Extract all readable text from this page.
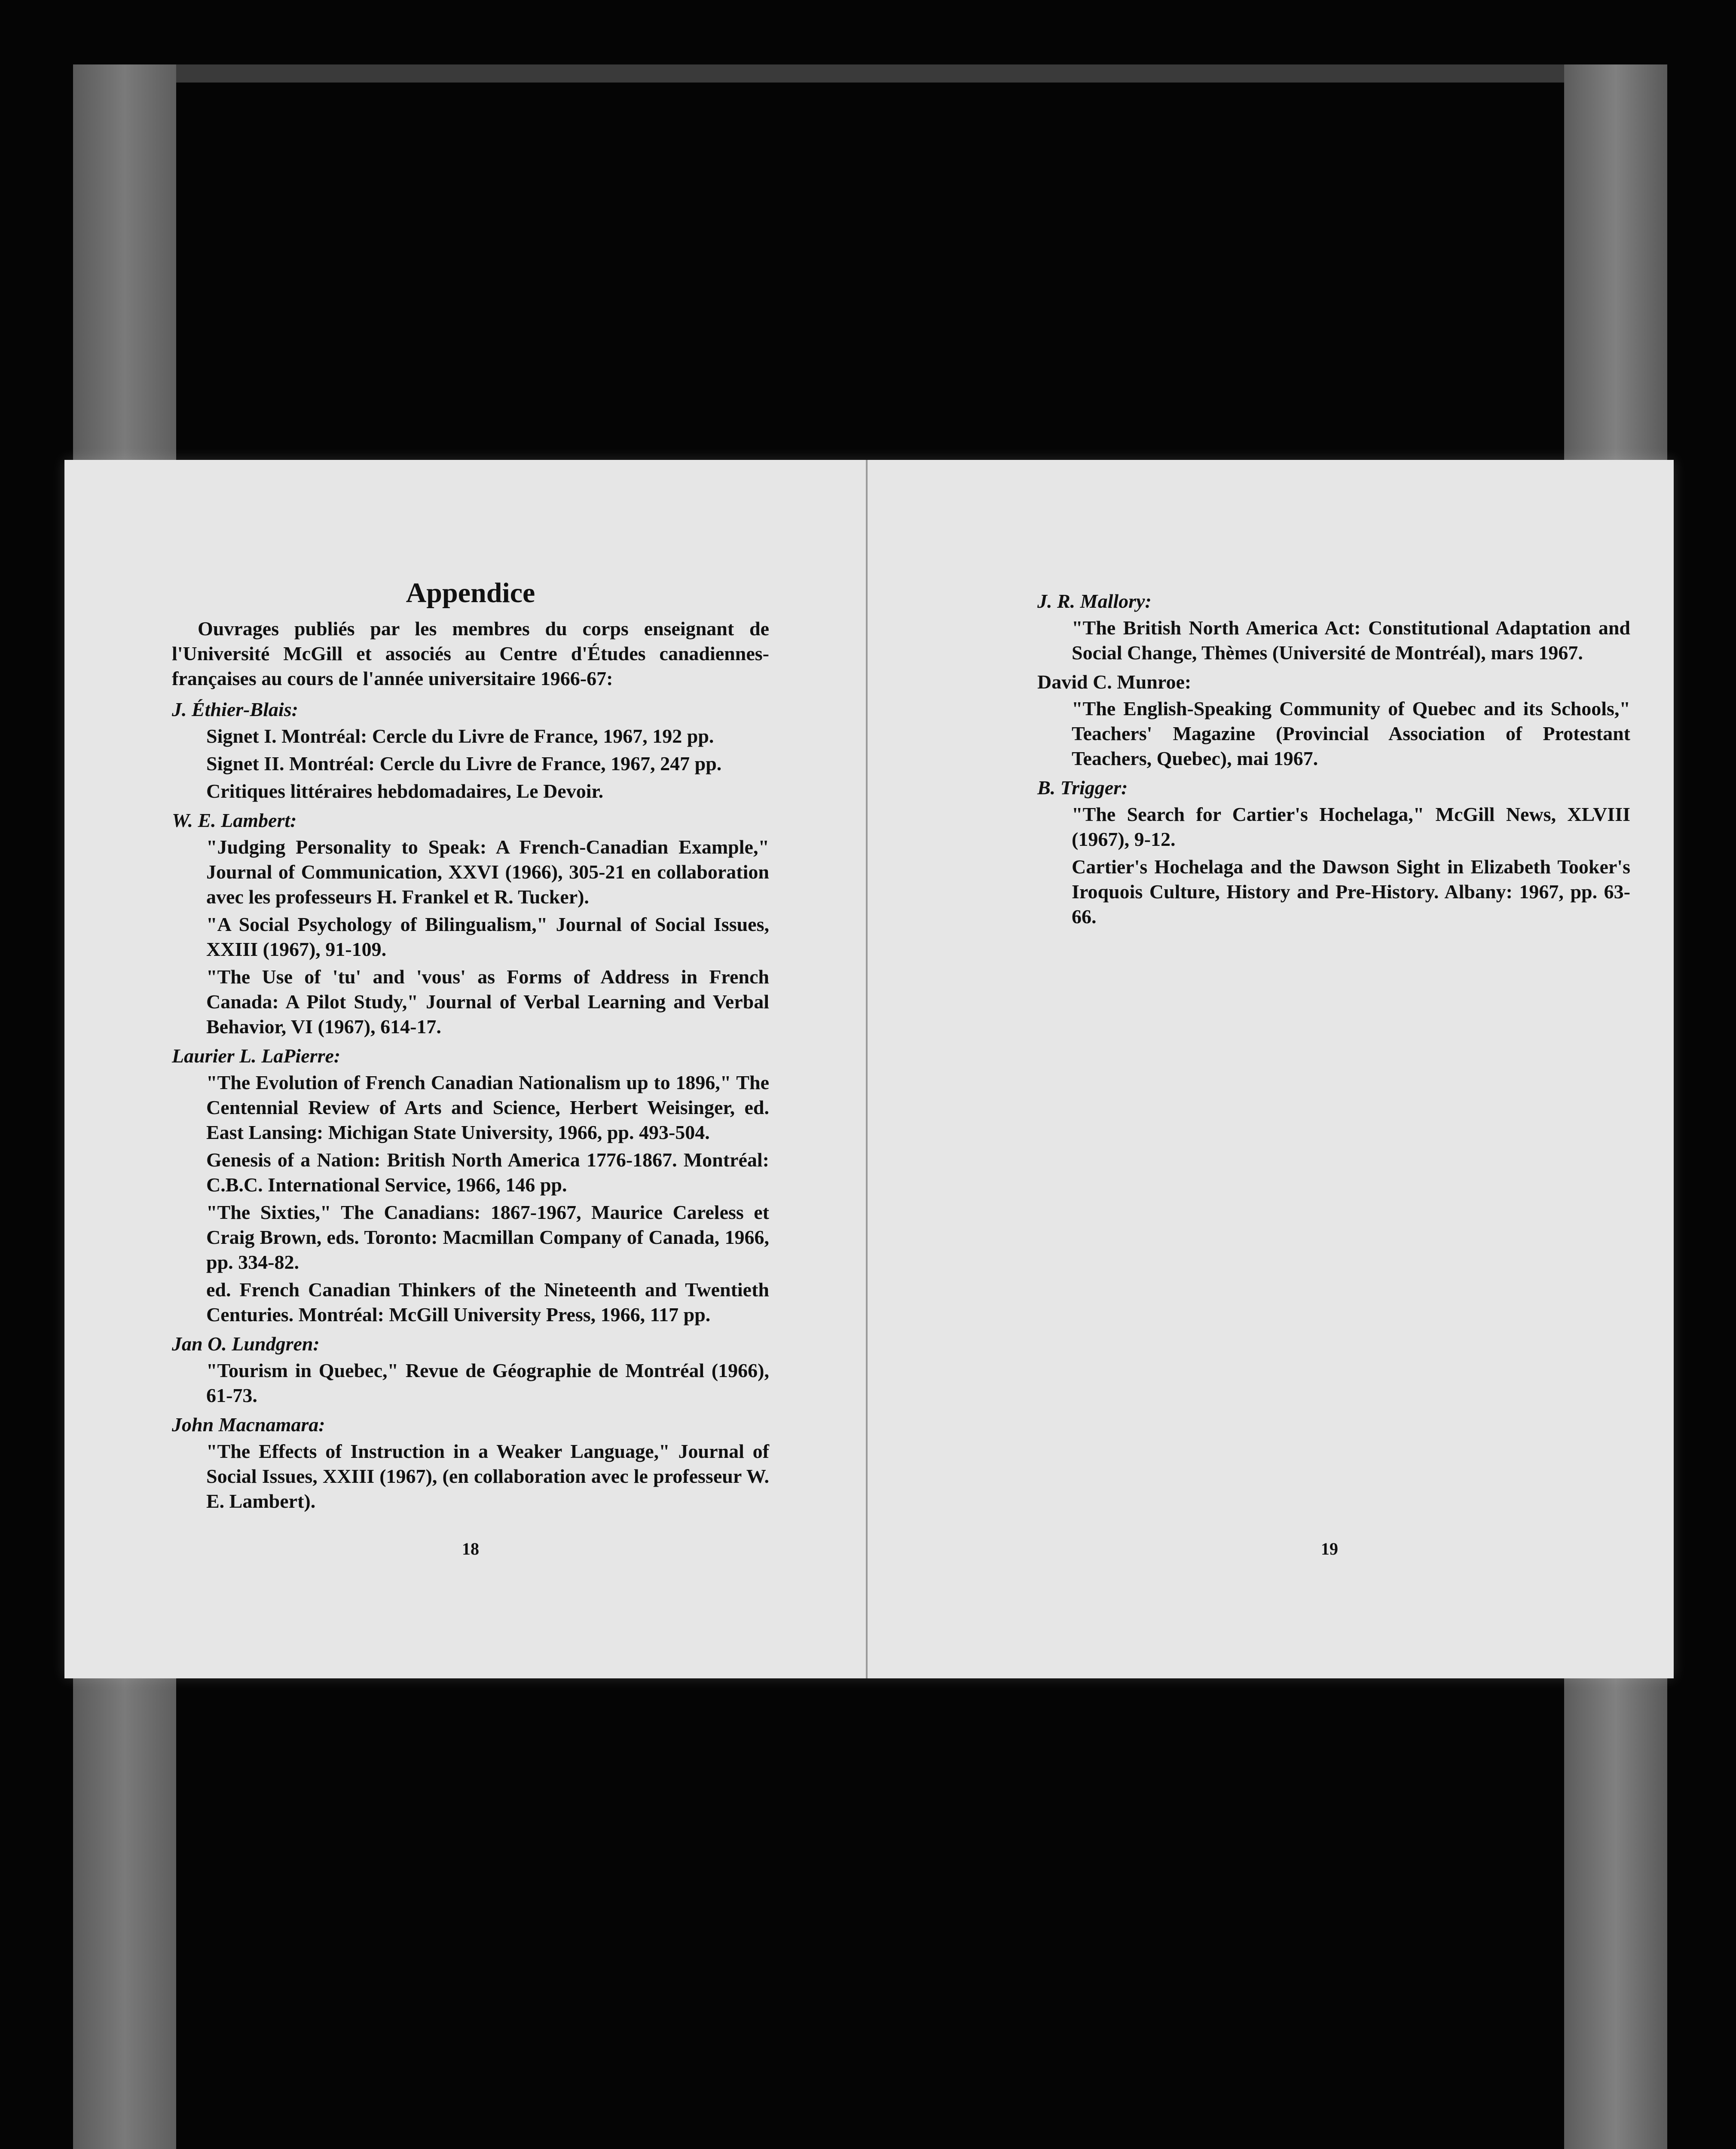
Appendice

Ouvrages publiés par les membres du corps enseignant de l'Université McGill et associés au Centre d'Études canadiennes-françaises au cours de l'année universitaire 1966-67:

J. Éthier-Blais:
Signet I. Montréal: Cercle du Livre de France, 1967, 192 pp.
Signet II. Montréal: Cercle du Livre de France, 1967, 247 pp.
Critiques littéraires hebdomadaires, Le Devoir.
W. E. Lambert:
"Judging Personality to Speak: A French-Canadian Example," Journal of Communication, XXVI (1966), 305-21 en collaboration avec les professeurs H. Frankel et R. Tucker).
"A Social Psychology of Bilingualism," Journal of Social Issues, XXIII (1967), 91-109.
"The Use of 'tu' and 'vous' as Forms of Address in French Canada: A Pilot Study," Journal of Verbal Learning and Verbal Behavior, VI (1967), 614-17.
Laurier L. LaPierre:
"The Evolution of French Canadian Nationalism up to 1896," The Centennial Review of Arts and Science, Herbert Weisinger, ed. East Lansing: Michigan State University, 1966, pp. 493-504.
Genesis of a Nation: British North America 1776-1867. Montréal: C.B.C. International Service, 1966, 146 pp.
"The Sixties," The Canadians: 1867-1967, Maurice Careless et Craig Brown, eds. Toronto: Macmillan Company of Canada, 1966, pp. 334-82.
ed. French Canadian Thinkers of the Nineteenth and Twentieth Centuries. Montréal: McGill University Press, 1966, 117 pp.
Jan O. Lundgren:
"Tourism in Quebec," Revue de Géographie de Montréal (1966), 61-73.
John Macnamara:
"The Effects of Instruction in a Weaker Language," Journal of Social Issues, XXIII (1967), (en collaboration avec le professeur W. E. Lambert).
18
J. R. Mallory:
"The British North America Act: Constitutional Adaptation and Social Change, Thèmes (Université de Montréal), mars 1967.
David C. Munroe:
"The English-Speaking Community of Quebec and its Schools," Teachers' Magazine (Provincial Association of Protestant Teachers, Quebec), mai 1967.
B. Trigger:
"The Search for Cartier's Hochelaga," McGill News, XLVIII (1967), 9-12.
Cartier's Hochelaga and the Dawson Sight in Elizabeth Tooker's Iroquois Culture, History and Pre-History. Albany: 1967, pp. 63-66.
19
